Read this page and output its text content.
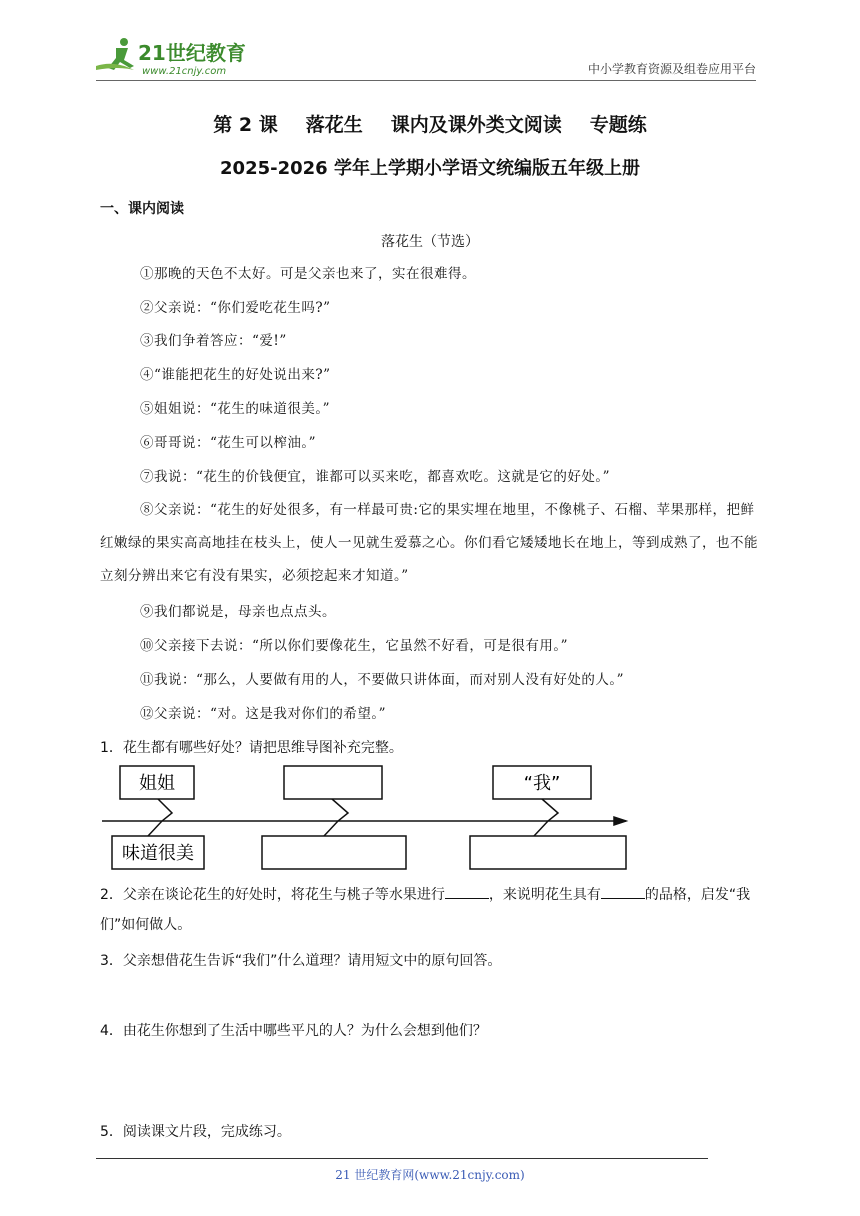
21世纪教育
www.21cnjy.com	中小学教育资源及组卷应用平台
第 2 课 落花生 课内及课外类文阅读 专题练
2025-2026 学年上学期小学语文统编版五年级上册
一、课内阅读
落花生（节选）
①那晚的天色不太好。可是父亲也来了，实在很难得。
②父亲说：“你们爱吃花生吗?”
③我们争着答应：“爱!”
④“谁能把花生的好处说出来?”
⑤姐姐说：“花生的味道很美。”
⑥哥哥说：“花生可以榨油。”
⑦我说：“花生的价钱便宜，谁都可以买来吃，都喜欢吃。这就是它的好处。”
⑧父亲说：“花生的好处很多，有一样最可贵:它的果实埋在地里，不像桃子、石榴、苹果那样，把鲜红嫩绿的果实高高地挂在枝头上，使人一见就生爱慕之心。你们看它矮矮地长在地上，等到成熟了，也不能立刻分辨出来它有没有果实，必须挖起来才知道。”
⑨我们都说是，母亲也点点头。
⑩父亲接下去说：“所以你们要像花生，它虽然不好看，可是很有用。”
⑪我说：“那么，人要做有用的人，不要做只讲体面，而对别人没有好处的人。”
⑫父亲说：“对。这是我对你们的希望。”
1．花生都有哪些好处？请把思维导图补充完整。
姐姐	“我”
味道很美
2．父亲在谈论花生的好处时，将花生与桃子等水果进行	，来说明花生具有	的品格，启发“我们”如何做人。
3．父亲想借花生告诉“我们”什么道理？请用短文中的原句回答。
4．由花生你想到了生活中哪些平凡的人？为什么会想到他们？
5．阅读课文片段，完成练习。
21 世纪教育网(www.21cnjy.com)
